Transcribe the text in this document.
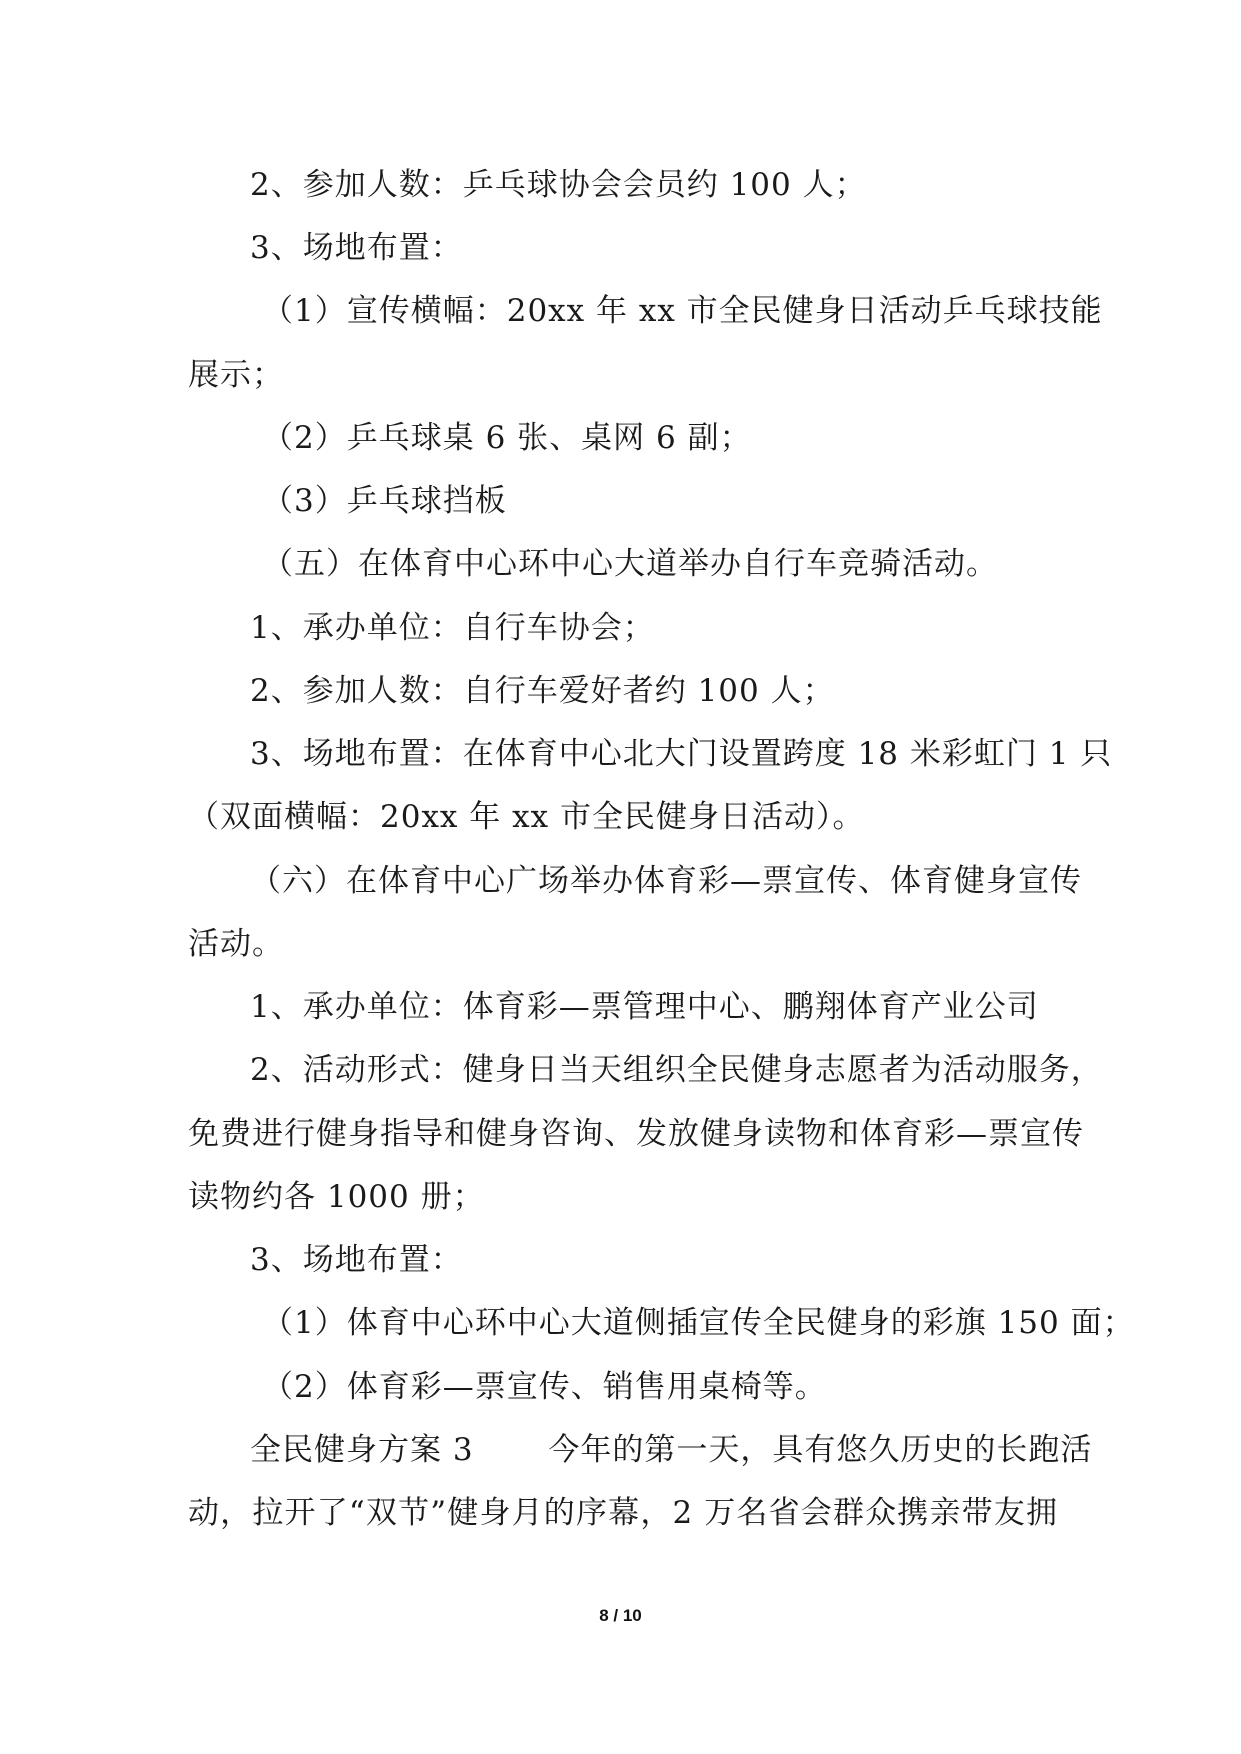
2、参加人数：乒乓球协会会员约 100 人；

3、场地布置：

（1）宣传横幅：20xx 年 xx 市全民健身日活动乒乓球技能

展示；

（2）乒乓球桌 6 张、桌网 6 副；

（3）乒乓球挡板

（五）在体育中心环中心大道举办自行车竞骑活动。

1、承办单位：自行车协会；

2、参加人数：自行车爱好者约 100 人；

3、场地布置：在体育中心北大门设置跨度 18 米彩虹门 1 只

（双面横幅：20xx 年 xx 市全民健身日活动）。

（六）在体育中心广场举办体育彩—票宣传、体育健身宣传

活动。

1、承办单位：体育彩—票管理中心、鹏翔体育产业公司

2、活动形式：健身日当天组织全民健身志愿者为活动服务，

免费进行健身指导和健身咨询、发放健身读物和体育彩—票宣传

读物约各 1000 册；

3、场地布置：

（1）体育中心环中心大道侧插宣传全民健身的彩旗 150 面；

（2）体育彩—票宣传、销售用桌椅等。

全民健身方案 3　　 今年的第一天，具有悠久历史的长跑活

动，拉开了“双节”健身月的序幕，2 万名省会群众携亲带友拥

8 / 10
